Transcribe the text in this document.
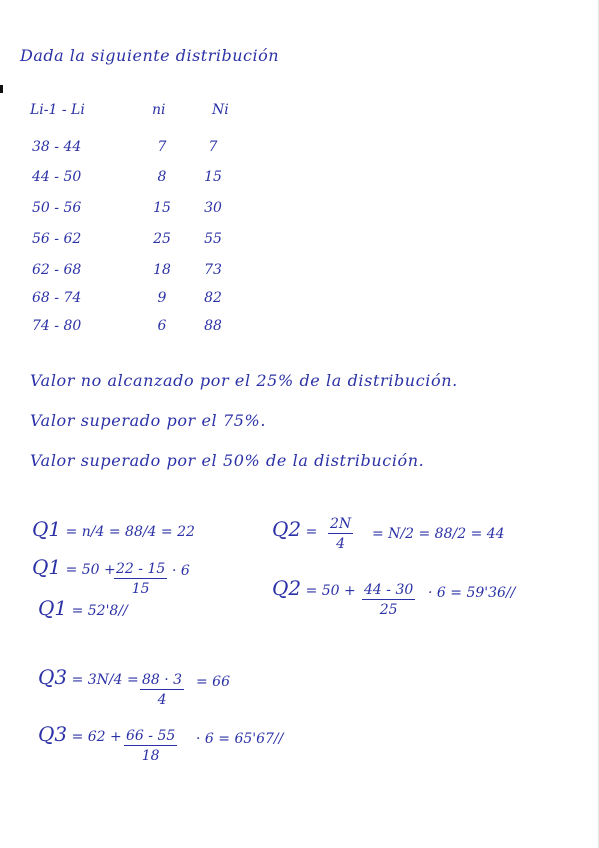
Dada la siguiente distribución
Li-1 - Li	ni	Ni
38 - 44	7	7
44 - 50	8	15
50 - 56	15	30
56 - 62	25	55
62 - 68	18	73
68 - 74	9	82
74 - 80	6	88
Valor no alcanzado por el 25% de la distribución.
Valor superado por el 75%.
Valor superado por el 50% de la distribución.
Q1 = n/4 = 88/4 = 22
Q1 = 50 +
$\frac{22 - 15}{15} \cdot 6$
Q1 = 52'8//
$Q2 = \frac{2N}{4} = N/2 = 88/2 = 44$
$Q2 = 50 + \frac{44 - 30}{25} \cdot 6 = 59'36//$
$Q3 = 3N/4 = \frac{88 \cdot 3}{4} = 66$
$Q3 = 62 + \frac{66 - 55}{18} \cdot 6 = 65'67//$
